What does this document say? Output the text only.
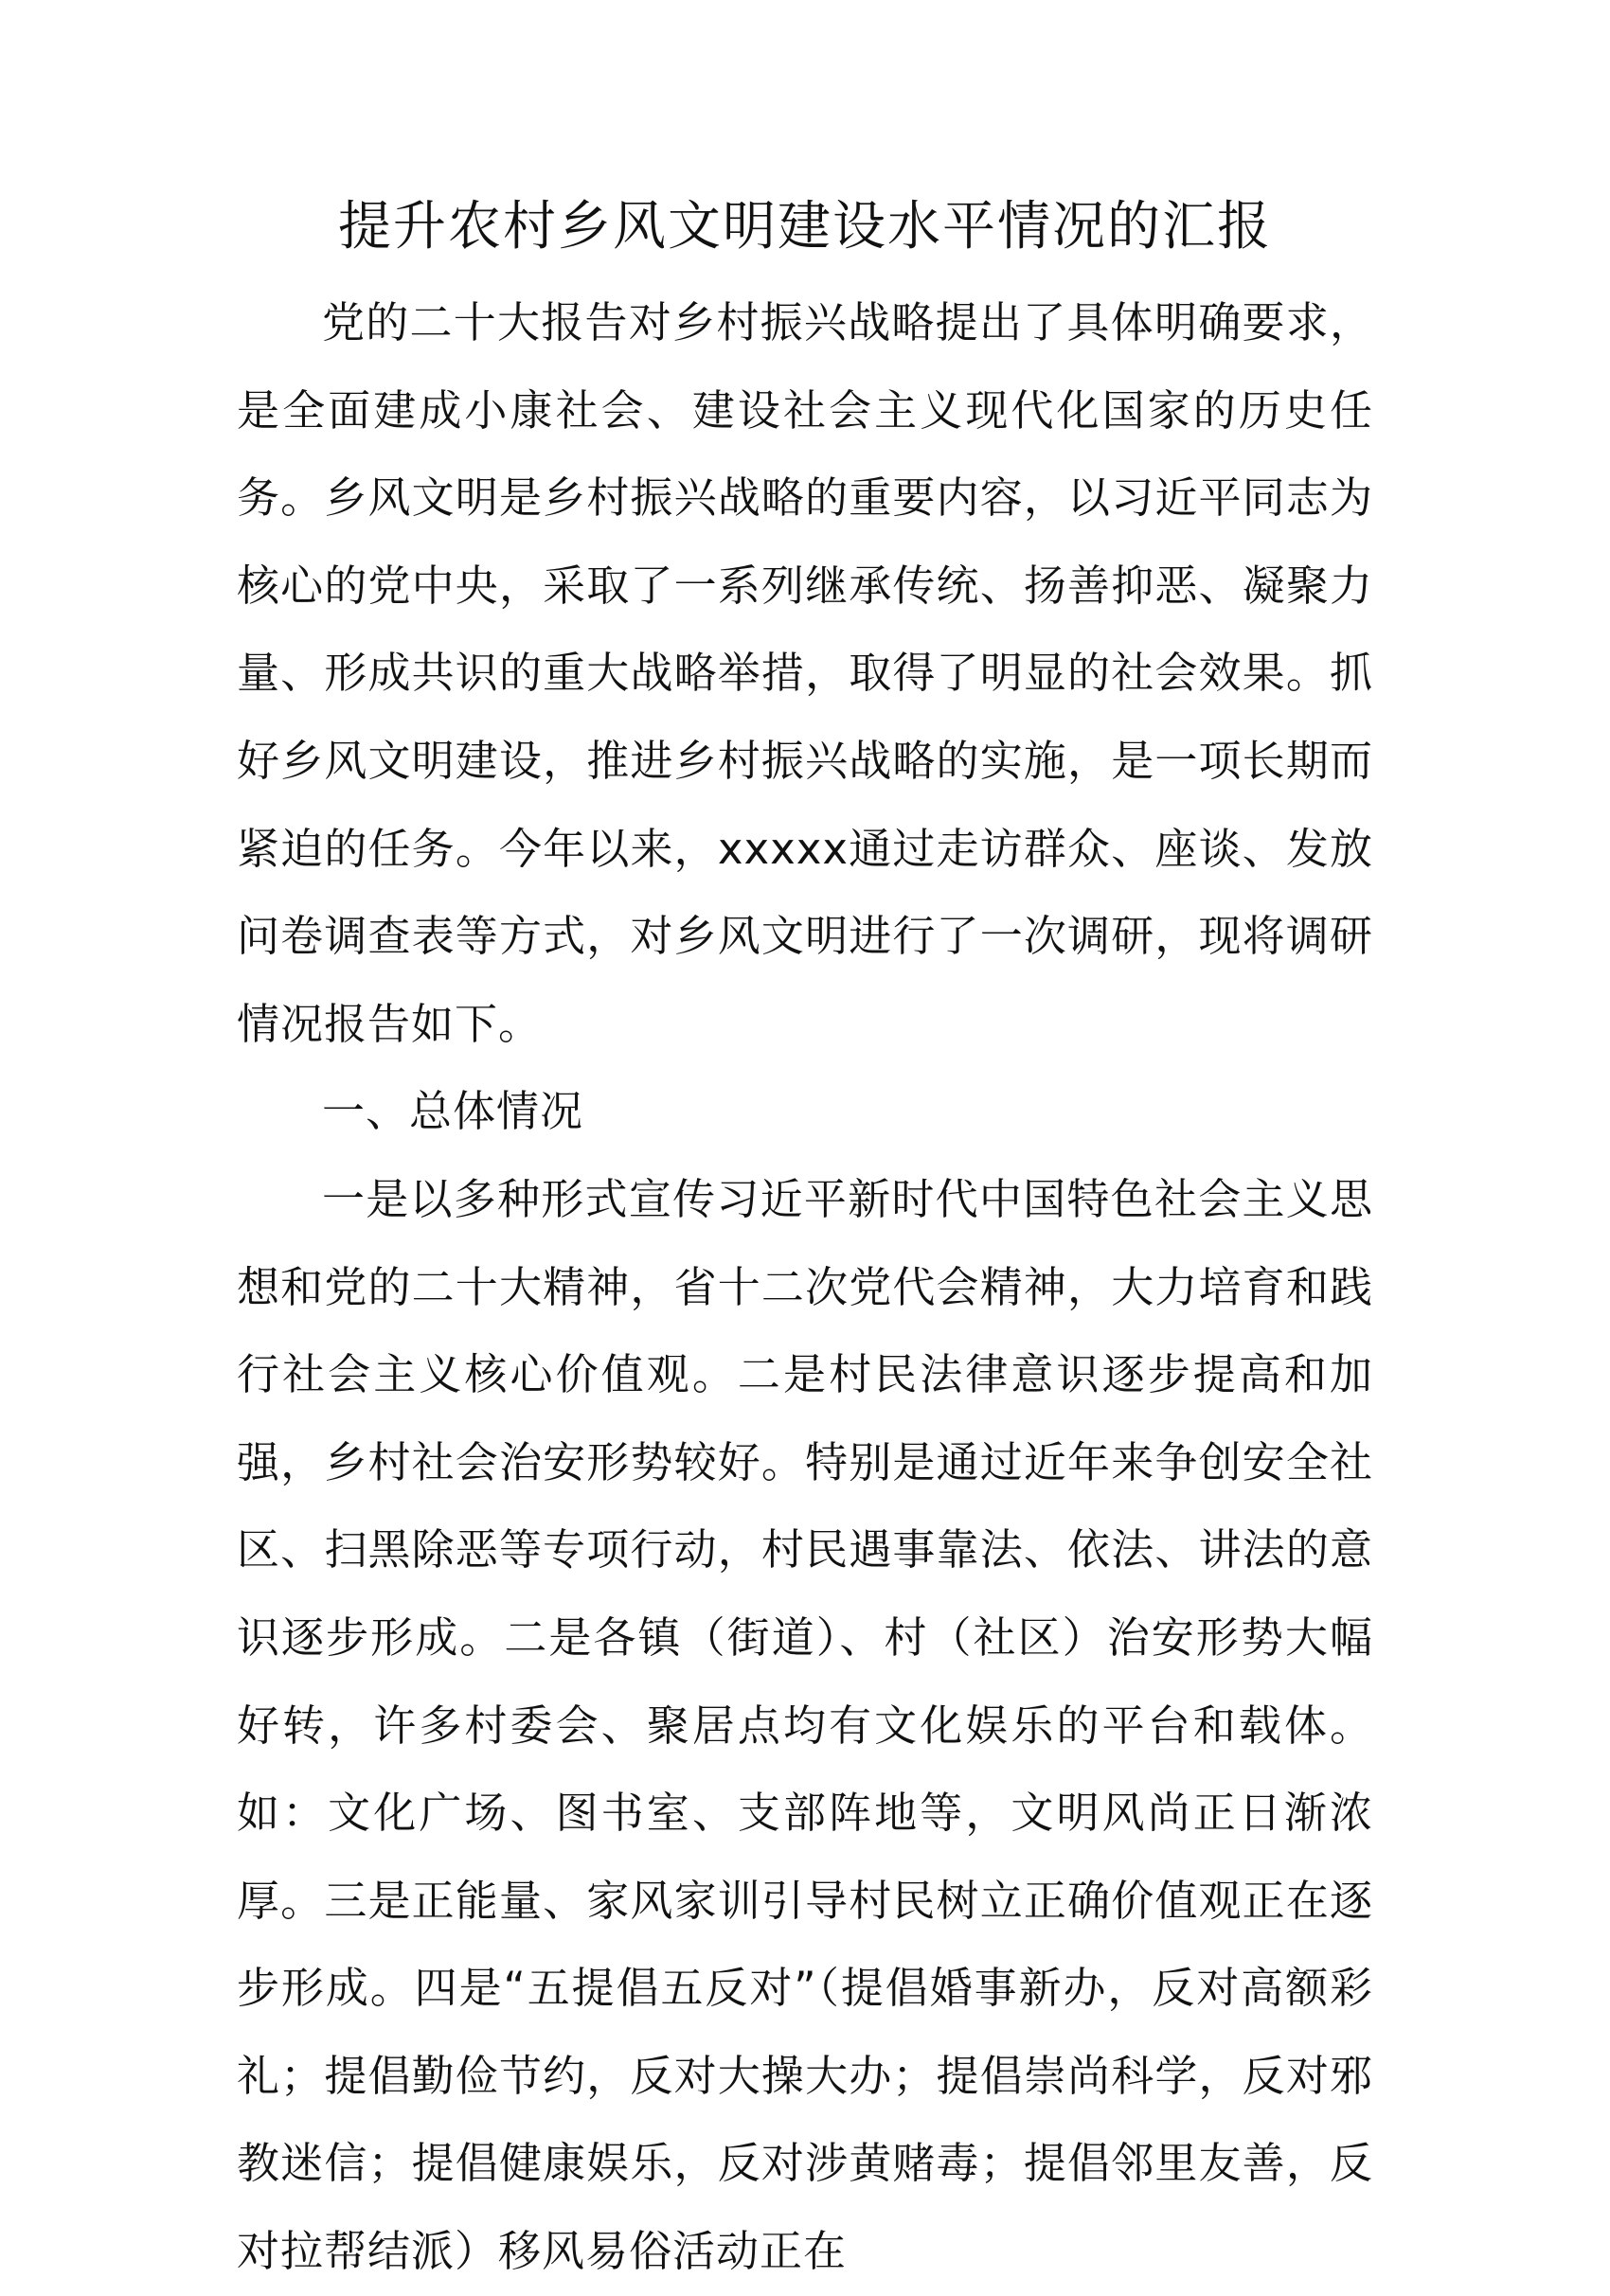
提升农村乡风文明建设水平情况的汇报

党的二十大报告对乡村振兴战略提出了具体明确要求，是全面建成小康社会、建设社会主义现代化国家的历史任务。乡风文明是乡村振兴战略的重要内容，以习近平同志为核心的党中央，采取了一系列继承传统、扬善抑恶、凝聚力量、形成共识的重大战略举措，取得了明显的社会效果。抓好乡风文明建设，推进乡村振兴战略的实施，是一项长期而紧迫的任务。今年以来，xxxxx通过走访群众、座谈、发放问卷调查表等方式，对乡风文明进行了一次调研，现将调研情况报告如下。

一、总体情况

一是以多种形式宣传习近平新时代中国特色社会主义思想和党的二十大精神，省十二次党代会精神，大力培育和践行社会主义核心价值观。二是村民法律意识逐步提高和加强，乡村社会治安形势较好。特别是通过近年来争创安全社区、扫黑除恶等专项行动，村民遇事靠法、依法、讲法的意识逐步形成。二是各镇（街道）、村（社区）治安形势大幅好转，许多村委会、聚居点均有文化娱乐的平台和载体。如：文化广场、图书室、支部阵地等，文明风尚正日渐浓厚。三是正能量、家风家训引导村民树立正确价值观正在逐步形成。四是“五提倡五反对”（提倡婚事新办，反对高额彩礼；提倡勤俭节约，反对大操大办；提倡崇尚科学，反对邪教迷信；提倡健康娱乐，反对涉黄赌毒；提倡邻里友善，反对拉帮结派）移风易俗活动正在
